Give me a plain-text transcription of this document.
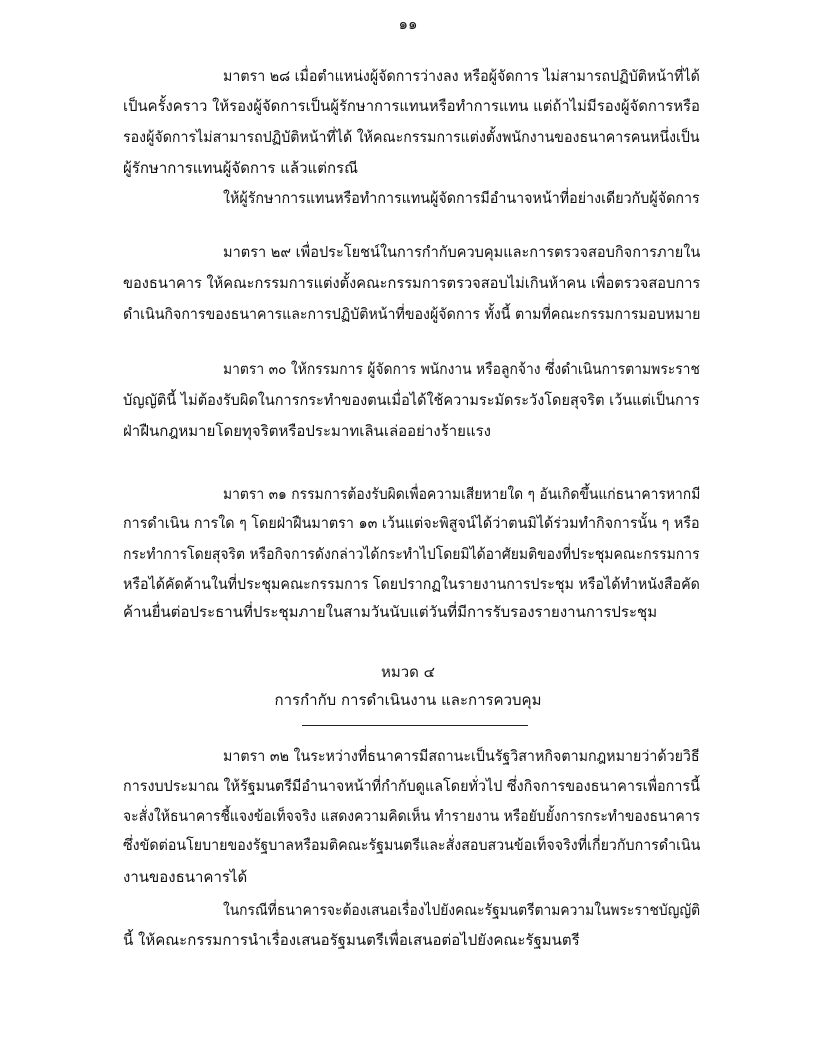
๑๑
มาตรา ๒๘ เมื่อตำแหน่งผู้จัดการว่างลง หรือผู้จัดการ ไม่สามารถปฏิบัติหน้าที่ได้
เป็นครั้งคราว ให้รองผู้จัดการเป็นผู้รักษาการแทนหรือทำการแทน แต่ถ้าไม่มีรองผู้จัดการหรือ
รองผู้จัดการไม่สามารถปฏิบัติหน้าที่ได้ ให้คณะกรรมการแต่งตั้งพนักงานของธนาคารคนหนึ่งเป็น
ผู้รักษาการแทนผู้จัดการ แล้วแต่กรณี
ให้ผู้รักษาการแทนหรือทำการแทนผู้จัดการมีอำนาจหน้าที่อย่างเดียวกับผู้จัดการ
มาตรา ๒๙ เพื่อประโยชน์ในการกำกับควบคุมและการตรวจสอบกิจการภายใน
ของธนาคาร ให้คณะกรรมการแต่งตั้งคณะกรรมการตรวจสอบไม่เกินห้าคน เพื่อตรวจสอบการ
ดำเนินกิจการของธนาคารและการปฏิบัติหน้าที่ของผู้จัดการ ทั้งนี้ ตามที่คณะกรรมการมอบหมาย
มาตรา ๓๐ ให้กรรมการ ผู้จัดการ พนักงาน หรือลูกจ้าง ซึ่งดำเนินการตามพระราช
บัญญัตินี้ ไม่ต้องรับผิดในการกระทำของตนเมื่อได้ใช้ความระมัดระวังโดยสุจริต เว้นแต่เป็นการ
ฝ่าฝืนกฎหมายโดยทุจริตหรือประมาทเลินเล่ออย่างร้ายแรง
มาตรา ๓๑ กรรมการต้องรับผิดเพื่อความเสียหายใด ๆ อันเกิดขึ้นแก่ธนาคารหากมี
การดำเนิน การใด ๆ โดยฝ่าฝืนมาตรา ๑๓ เว้นแต่จะพิสูจน์ได้ว่าตนมิได้ร่วมทำกิจการนั้น ๆ หรือ
กระทำการโดยสุจริต หรือกิจการดังกล่าวได้กระทำไปโดยมิได้อาศัยมติของที่ประชุมคณะกรรมการ
หรือได้คัดค้านในที่ประชุมคณะกรรมการ โดยปรากฏในรายงานการประชุม หรือได้ทำหนังสือคัด
ค้านยื่นต่อประธานที่ประชุมภายในสามวันนับแต่วันที่มีการรับรองรายงานการประชุม
หมวด ๔
การกำกับ การดำเนินงาน และการควบคุม
มาตรา ๓๒ ในระหว่างที่ธนาคารมีสถานะเป็นรัฐวิสาหกิจตามกฎหมายว่าด้วยวิธี
การงบประมาณ ให้รัฐมนตรีมีอำนาจหน้าที่กำกับดูแลโดยทั่วไป ซึ่งกิจการของธนาคารเพื่อการนี้
จะสั่งให้ธนาคารชี้แจงข้อเท็จจริง แสดงความคิดเห็น ทำรายงาน หรือยับยั้งการกระทำของธนาคาร
ซึ่งขัดต่อนโยบายของรัฐบาลหรือมติคณะรัฐมนตรีและสั่งสอบสวนข้อเท็จจริงที่เกี่ยวกับการดำเนิน
งานของธนาคารได้
ในกรณีที่ธนาคารจะต้องเสนอเรื่องไปยังคณะรัฐมนตรีตามความในพระราชบัญญัติ
นี้ ให้คณะกรรมการนำเรื่องเสนอรัฐมนตรีเพื่อเสนอต่อไปยังคณะรัฐมนตรี
